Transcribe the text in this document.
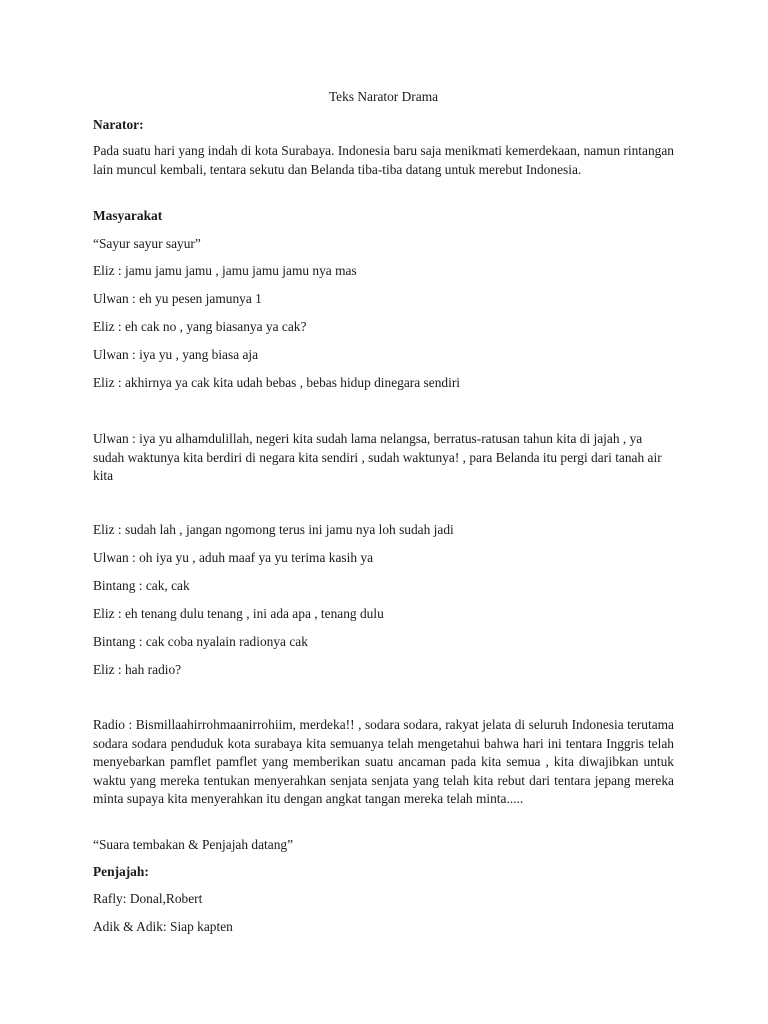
Teks Narator Drama
Narator:
Pada suatu hari yang indah di kota Surabaya. Indonesia baru saja menikmati kemerdekaan, namun rintangan lain muncul kembali, tentara sekutu dan Belanda tiba-tiba datang untuk merebut Indonesia.
Masyarakat
“Sayur sayur sayur”
Eliz : jamu jamu jamu , jamu jamu jamu nya mas
Ulwan : eh yu pesen jamunya 1
Eliz : eh cak no , yang biasanya ya cak?
Ulwan : iya yu , yang biasa aja
Eliz : akhirnya ya cak kita udah bebas , bebas hidup dinegara sendiri
Ulwan : iya yu alhamdulillah, negeri kita sudah lama nelangsa, berratus-ratusan tahun kita di jajah , ya sudah waktunya kita berdiri di negara kita sendiri , sudah waktunya! , para Belanda itu pergi dari tanah air kita
Eliz : sudah lah , jangan ngomong terus ini jamu nya loh sudah jadi
Ulwan : oh iya yu , aduh maaf ya yu terima kasih ya
Bintang : cak, cak
Eliz : eh tenang dulu tenang , ini ada apa , tenang dulu
Bintang : cak coba nyalain radionya cak
Eliz : hah radio?
Radio : Bismillaahirrohmaanirrohiim, merdeka!! , sodara sodara, rakyat jelata di seluruh Indonesia terutama sodara sodara penduduk kota surabaya kita semuanya telah mengetahui bahwa hari ini tentara Inggris telah menyebarkan pamflet pamflet yang memberikan suatu ancaman pada kita semua , kita diwajibkan untuk waktu yang mereka tentukan menyerahkan senjata senjata yang telah kita rebut dari tentara jepang mereka minta supaya kita menyerahkan itu dengan angkat tangan mereka telah minta.....
“Suara tembakan & Penjajah datang”
Penjajah:
Rafly: Donal,Robert
Adik & Adik: Siap kapten
